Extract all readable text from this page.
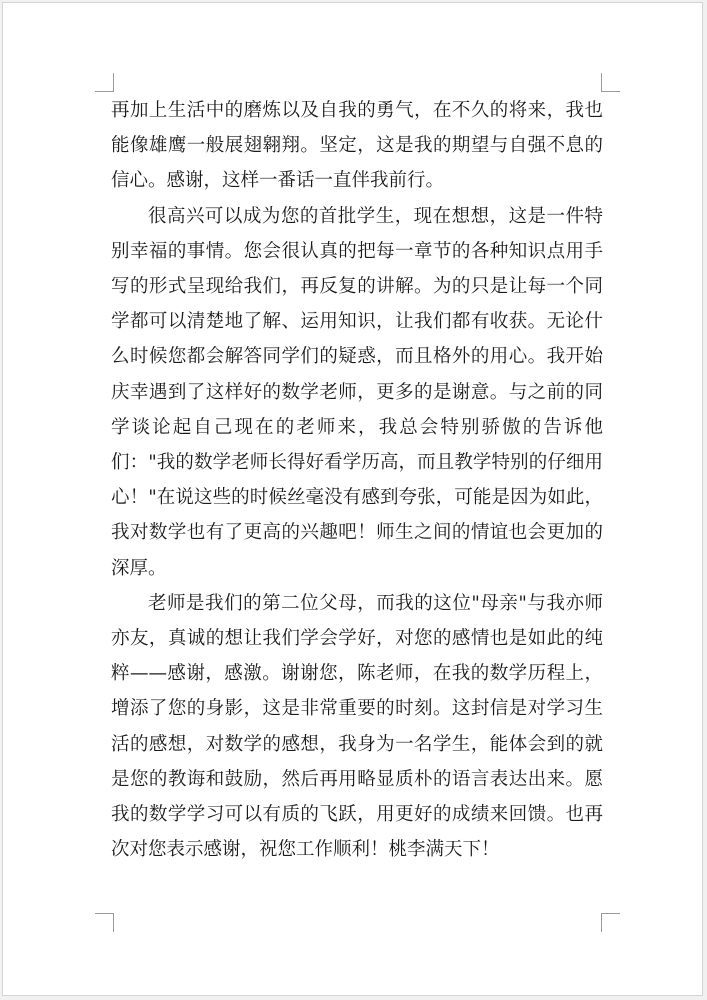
再加上生活中的磨炼以及自我的勇气，在不久的将来，我也能像雄鹰一般展翅翱翔。坚定，这是我的期望与自强不息的信心。感谢，这样一番话一直伴我前行。

很高兴可以成为您的首批学生，现在想想，这是一件特别幸福的事情。您会很认真的把每一章节的各种知识点用手写的形式呈现给我们，再反复的讲解。为的只是让每一个同学都可以清楚地了解、运用知识，让我们都有收获。无论什么时候您都会解答同学们的疑惑，而且格外的用心。我开始庆幸遇到了这样好的数学老师，更多的是谢意。与之前的同学谈论起自己现在的老师来，我总会特别骄傲的告诉他们："我的数学老师长得好看学历高，而且教学特别的仔细用心！"在说这些的时候丝毫没有感到夸张，可能是因为如此，我对数学也有了更高的兴趣吧！师生之间的情谊也会更加的深厚。

老师是我们的第二位父母，而我的这位"母亲"与我亦师亦友，真诚的想让我们学会学好，对您的感情也是如此的纯粹——感谢，感激。谢谢您，陈老师，在我的数学历程上，增添了您的身影，这是非常重要的时刻。这封信是对学习生活的感想，对数学的感想，我身为一名学生，能体会到的就是您的教诲和鼓励，然后再用略显质朴的语言表达出来。愿我的数学学习可以有质的飞跃，用更好的成绩来回馈。也再次对您表示感谢，祝您工作顺利！桃李满天下！
